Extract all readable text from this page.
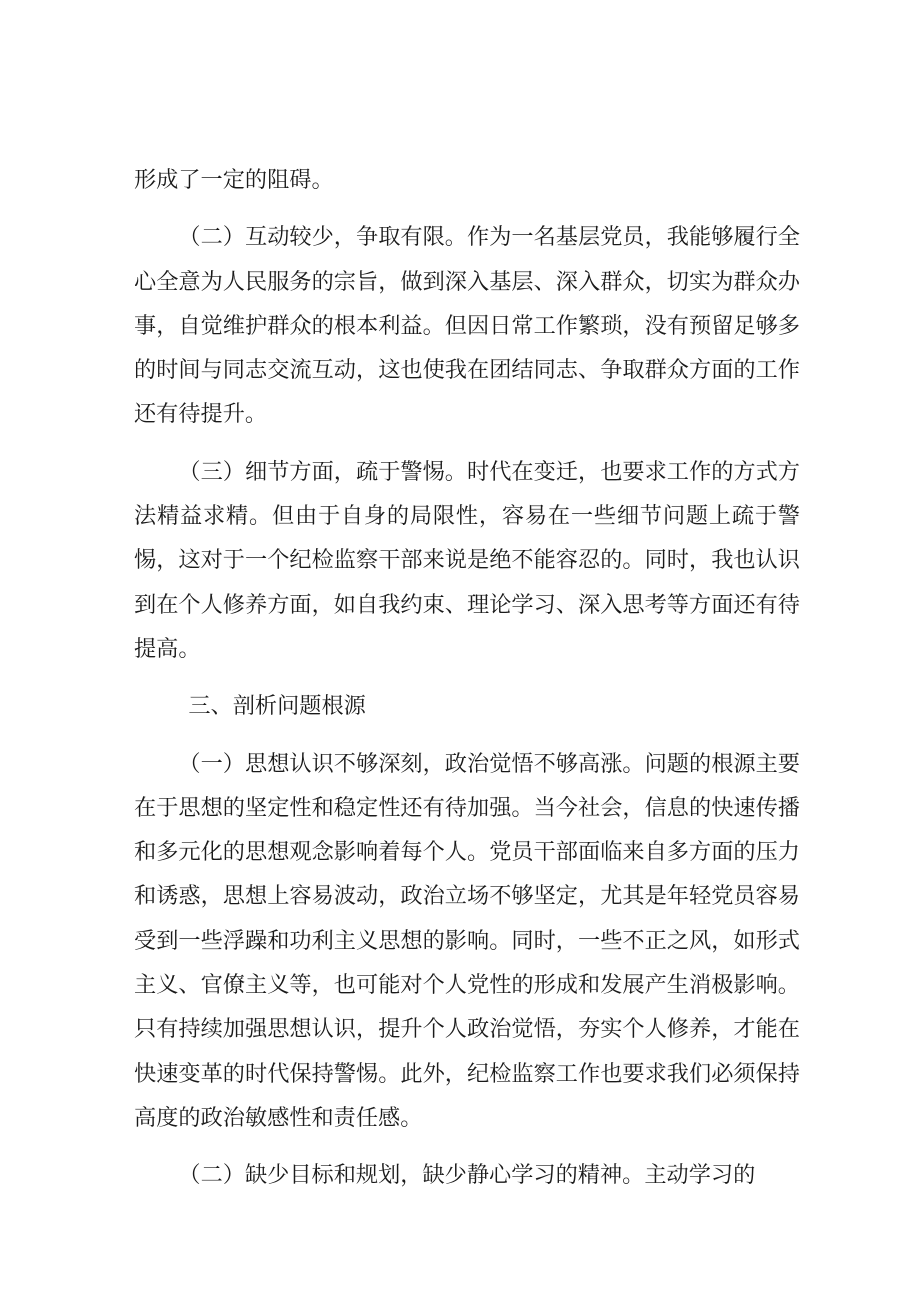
形成了一定的阻碍。

（二）互动较少，争取有限。作为一名基层党员，我能够履行全心全意为人民服务的宗旨，做到深入基层、深入群众，切实为群众办事，自觉维护群众的根本利益。但因日常工作繁琐，没有预留足够多的时间与同志交流互动，这也使我在团结同志、争取群众方面的工作还有待提升。

（三）细节方面，疏于警惕。时代在变迁，也要求工作的方式方法精益求精。但由于自身的局限性，容易在一些细节问题上疏于警惕，这对于一个纪检监察干部来说是绝不能容忍的。同时，我也认识到在个人修养方面，如自我约束、理论学习、深入思考等方面还有待提高。

三、剖析问题根源

（一）思想认识不够深刻，政治觉悟不够高涨。问题的根源主要在于思想的坚定性和稳定性还有待加强。当今社会，信息的快速传播和多元化的思想观念影响着每个人。党员干部面临来自多方面的压力和诱惑，思想上容易波动，政治立场不够坚定，尤其是年轻党员容易受到一些浮躁和功利主义思想的影响。同时，一些不正之风，如形式主义、官僚主义等，也可能对个人党性的形成和发展产生消极影响。只有持续加强思想认识，提升个人政治觉悟，夯实个人修养，才能在快速变革的时代保持警惕。此外，纪检监察工作也要求我们必须保持高度的政治敏感性和责任感。

（二）缺少目标和规划，缺少静心学习的精神。主动学习的
